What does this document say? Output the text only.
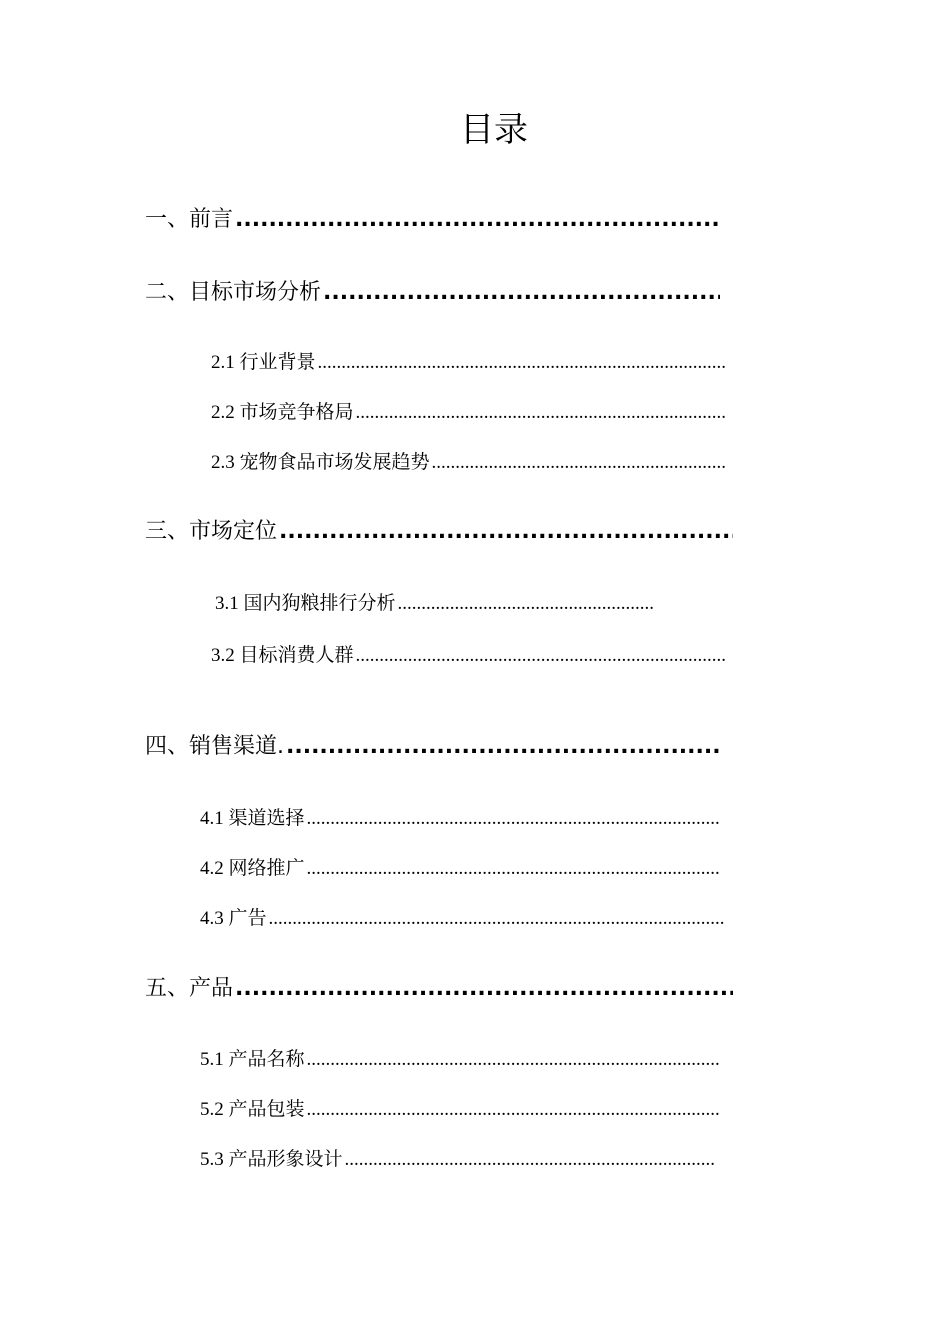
目录
一、前言
.....
二、目标市场分析
.....
2.1 行业背景
.....
2.2 市场竞争格局
.....
2.3 宠物食品市场发展趋势
.....
三、市场定位
.....
3.1 国内狗粮排行分析
.....
3.2 目标消费人群
.....
四、销售渠道.
.....
4.1 渠道选择
.....
4.2 网络推广
.....
4.3 广告
.....
五、产品
.....
5.1 产品名称
.....
5.2 产品包装
.....
5.3 产品形象设计
.....
